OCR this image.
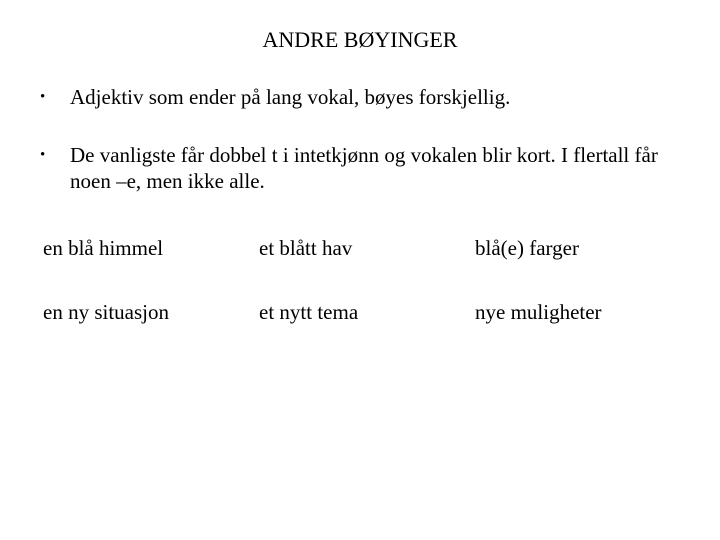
ANDRE BØYINGER
•	Adjektiv som ender på lang vokal, bøyes forskjellig.
•	De vanligste får dobbel t i intetkjønn og vokalen blir kort. I flertall får noen –e, men ikke alle.
en blå himmel	et blått hav	blå(e) farger
en ny situasjon	et nytt tema	nye muligheter
